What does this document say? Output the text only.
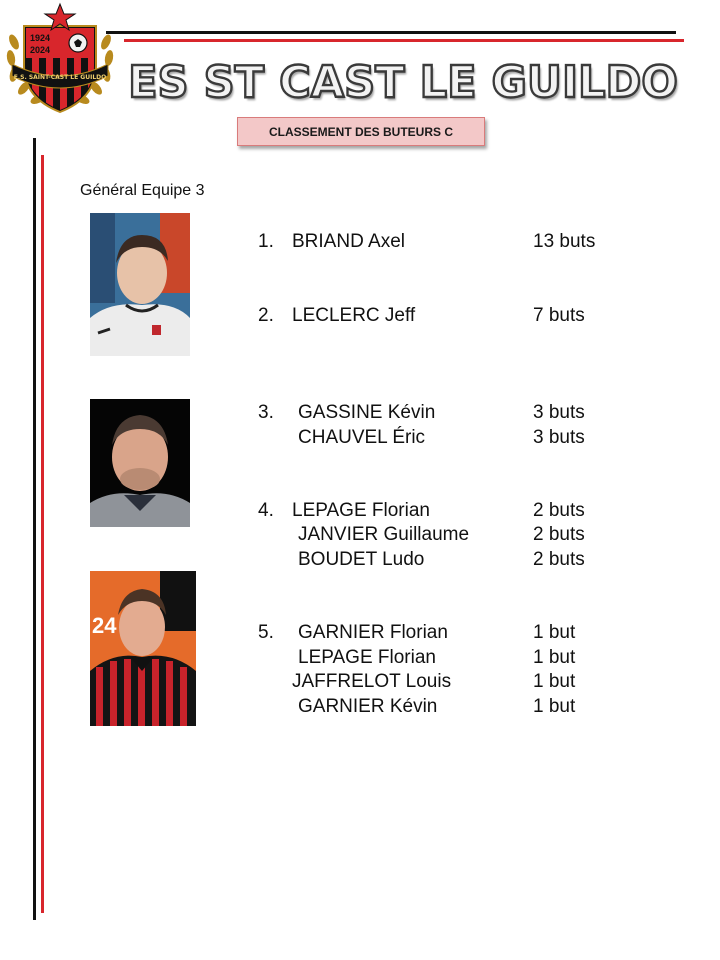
E.S. SAINT-CAST LE GUILDO
1924
2024
ES ST CAST LE GUILDO
CLASSEMENT DES BUTEURS C
Général Equipe 3
24
1. BRIAND Axel	13 buts
2. LECLERC Jeff	7 buts
3. GASSINE Kévin	3 buts
CHAUVEL Éric	3 buts
4. LEPAGE Florian	2 buts
JANVIER Guillaume	2 buts
BOUDET Ludo	2 buts
5. GARNIER Florian	1 but
LEPAGE Florian	1 but
JAFFRELOT Louis	1 but
GARNIER Kévin	1 but
